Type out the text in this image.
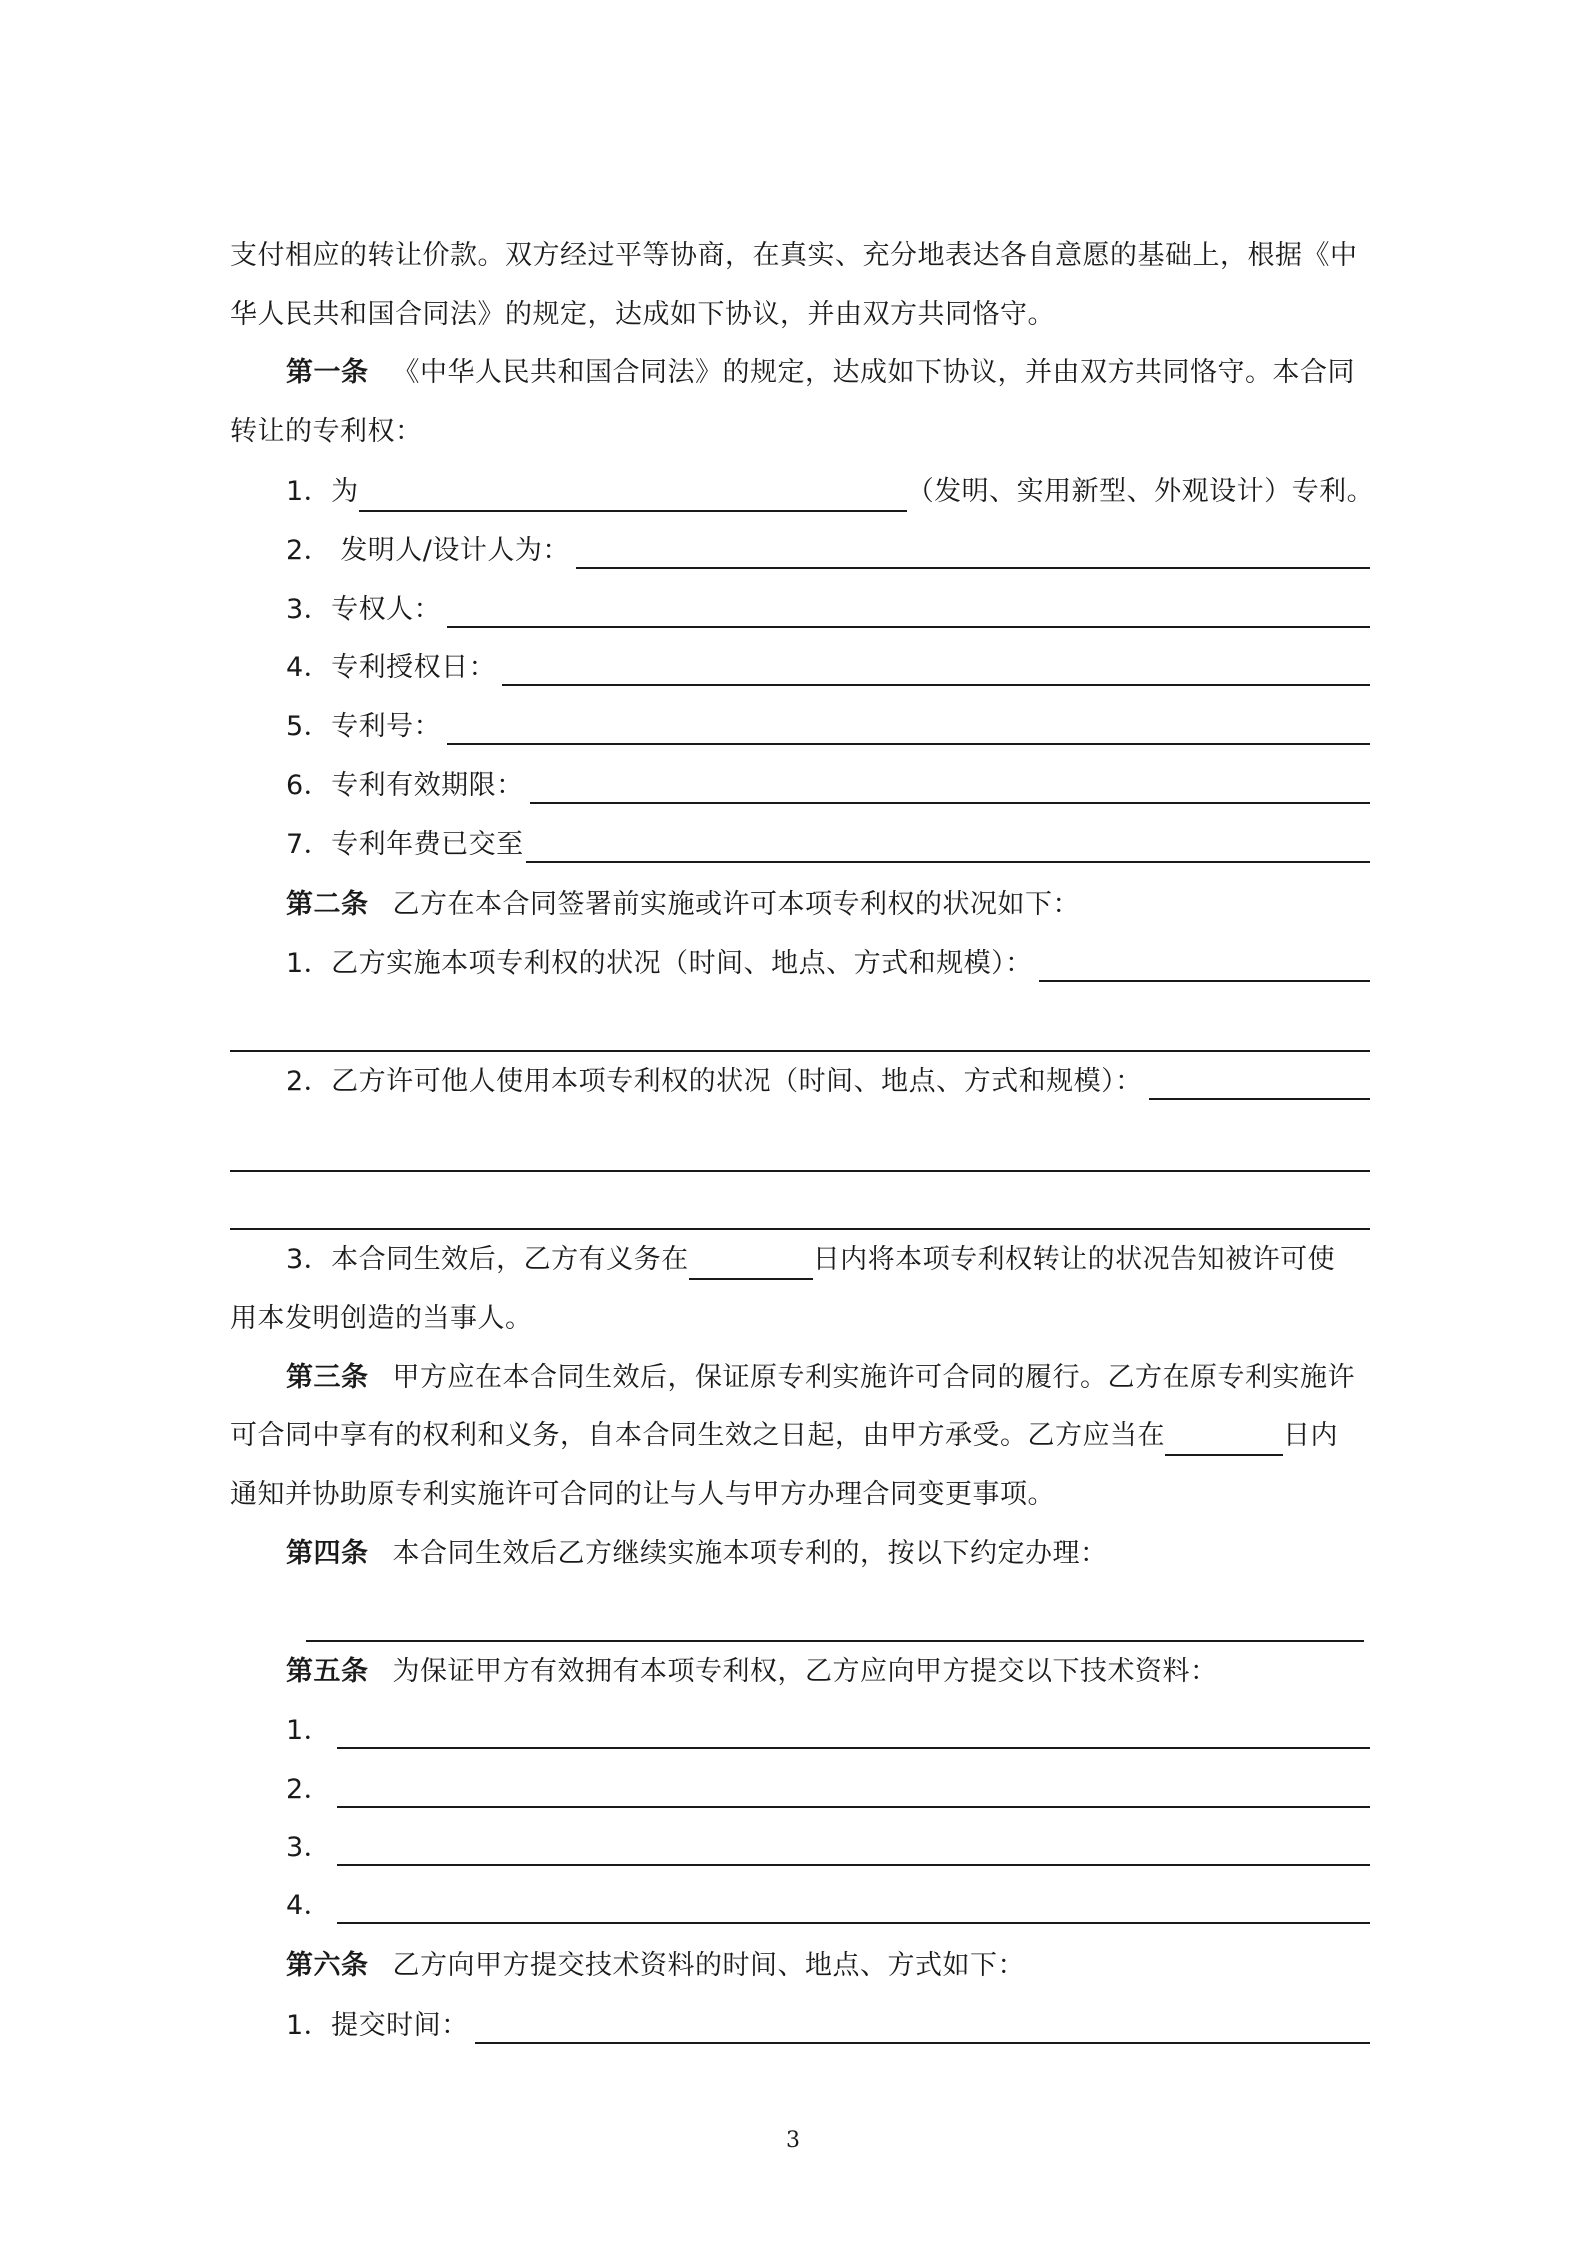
支付相应的转让价款。双方经过平等协商，在真实、充分地表达各自意愿的基础上，根据《中
华人民共和国合同法》的规定，达成如下协议，并由双方共同恪守。
第一条 《中华人民共和国合同法》的规定，达成如下协议，并由双方共同恪守。本合同
转让的专利权：
1．为	（发明、实用新型、外观设计）专利。
2． 发明人/设计人为：
3．专权人：
4．专利授权日：
5．专利号：
6．专利有效期限：
7．专利年费已交至
第二条 乙方在本合同签署前实施或许可本项专利权的状况如下：
1．乙方实施本项专利权的状况（时间、地点、方式和规模）：
2．乙方许可他人使用本项专利权的状况（时间、地点、方式和规模）：
3．本合同生效后，乙方有义务在	日内将本项专利权转让的状况告知被许可使
用本发明创造的当事人。
第三条 甲方应在本合同生效后，保证原专利实施许可合同的履行。乙方在原专利实施许
可合同中享有的权利和义务，自本合同生效之日起，由甲方承受。乙方应当在	日内
通知并协助原专利实施许可合同的让与人与甲方办理合同变更事项。
第四条 本合同生效后乙方继续实施本项专利的，按以下约定办理：
第五条 为保证甲方有效拥有本项专利权，乙方应向甲方提交以下技术资料：
1．
2．
3．
4．
第六条 乙方向甲方提交技术资料的时间、地点、方式如下：
1．提交时间：
3
